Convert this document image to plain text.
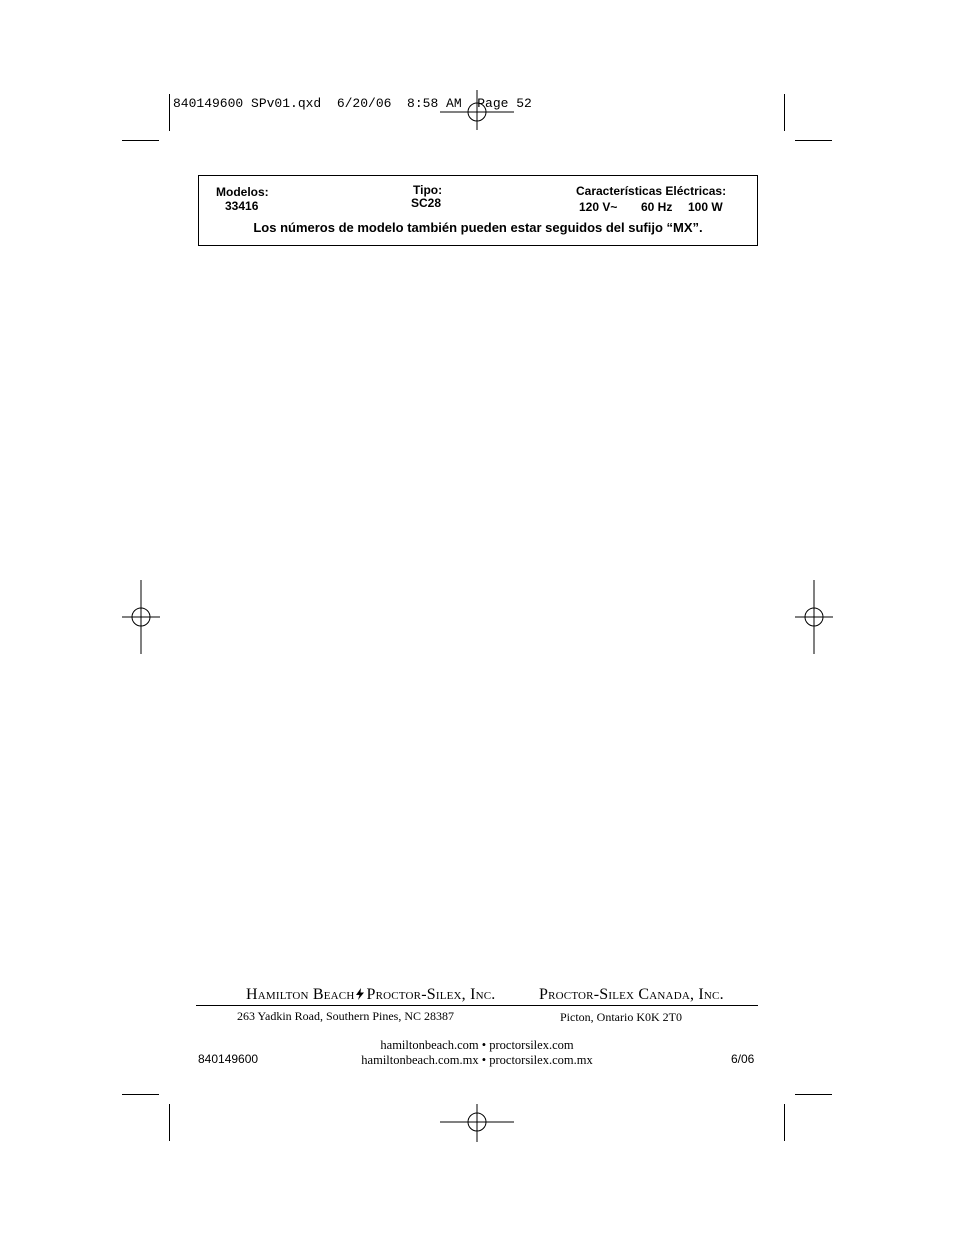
840149600 SPv01.qxd  6/20/06  8:58 AM  Page 52
Modelos:
33416
Tipo:
SC28
Características Eléctricas:
120 V~ 60 Hz 100 W
Los números de modelo también pueden estar seguidos del sufijo “MX”.
Hamilton Beach Proctor-Silex, Inc.	Proctor-Silex Canada, Inc.
263 Yadkin Road, Southern Pines, NC 28387	Picton, Ontario K0K 2T0
hamiltonbeach.com • proctorsilex.com
hamiltonbeach.com.mx • proctorsilex.com.mx
840149600	6/06
